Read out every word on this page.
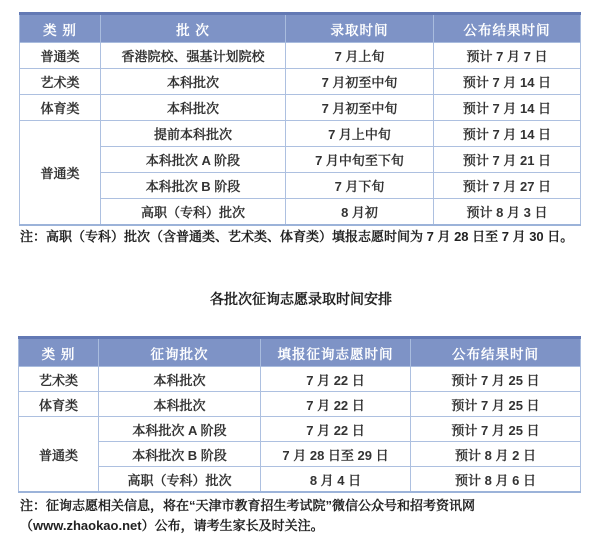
类 别	批 次	录取时间	公布结果时间
普通类	香港院校、强基计划院校	7 月上旬	预计 7 月 7 日
艺术类	本科批次	7 月初至中旬	预计 7 月 14 日
体育类	本科批次	7 月初至中旬	预计 7 月 14 日
普通类	提前本科批次	7 月上中旬	预计 7 月 14 日
	本科批次 A 阶段	7 月中旬至下旬	预计 7 月 21 日
	本科批次 B 阶段	7 月下旬	预计 7 月 27 日
	高职（专科）批次	8 月初	预计 8 月 3 日

注：高职（专科）批次（含普通类、艺术类、体育类）填报志愿时间为 7 月 28 日至 7 月 30 日。

各批次征询志愿录取时间安排
类 别	征询批次	填报征询志愿时间	公布结果时间
艺术类	本科批次	7 月 22 日	预计 7 月 25 日
体育类	本科批次	7 月 22 日	预计 7 月 25 日
普通类	本科批次 A 阶段	7 月 22 日	预计 7 月 25 日
	本科批次 B 阶段	7 月 28 日至 29 日	预计 8 月 2 日
	高职（专科）批次	8 月 4 日	预计 8 月 6 日

注：征询志愿相关信息，将在“天津市教育招生考试院”微信公众号和招考资讯网（www.zhaokao.net）公布，请考生家长及时关注。
